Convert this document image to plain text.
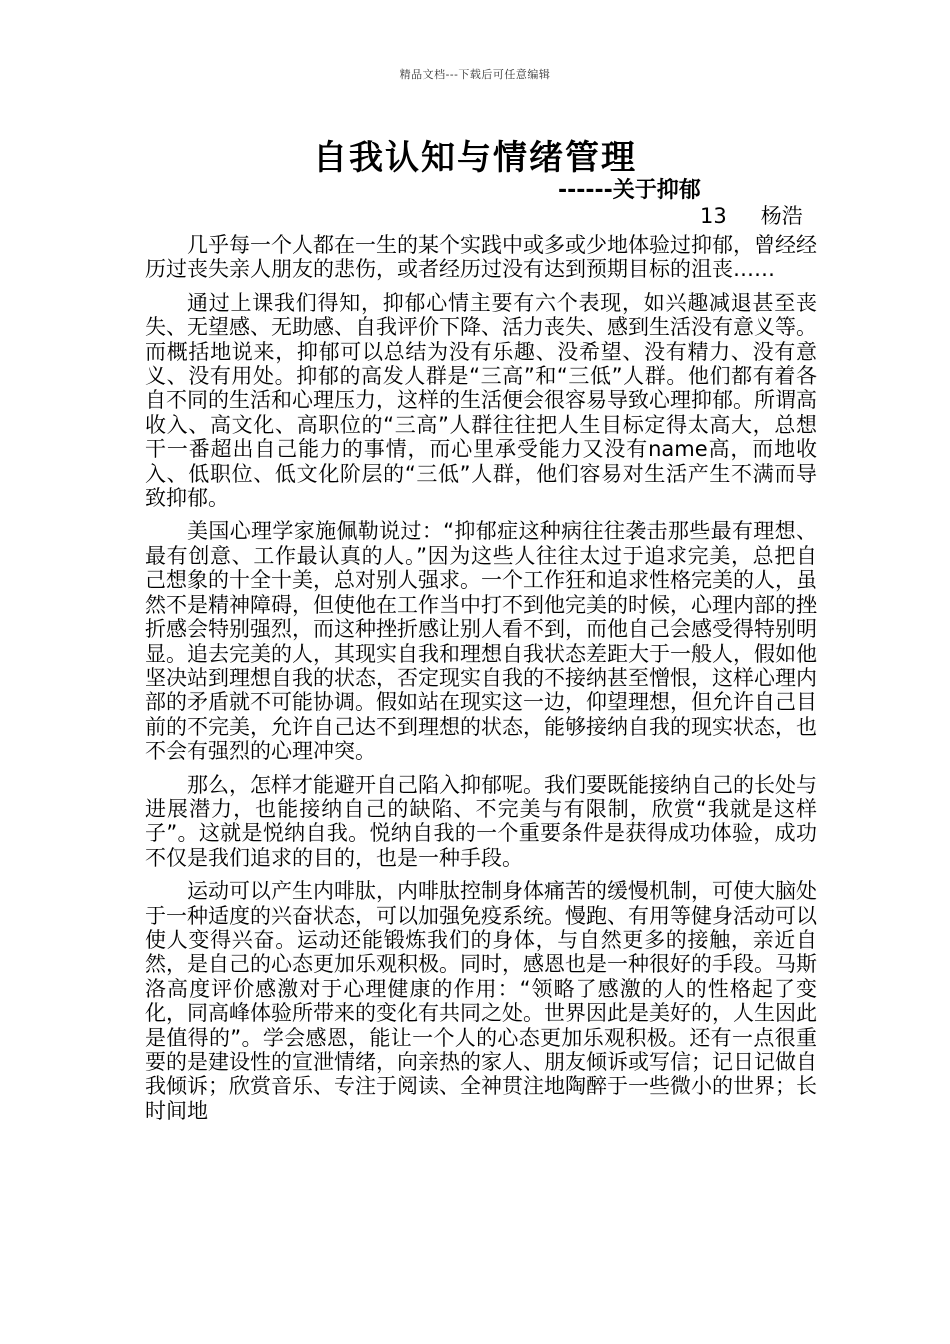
精品文档---下载后可任意编辑
自我认知与情绪管理
------关于抑郁
13 杨浩

几乎每一个人都在一生的某个实践中或多或少地体验过抑郁，曾经经历过丧失亲人朋友的悲伤，或者经历过没有达到预期目标的沮丧……

通过上课我们得知，抑郁心情主要有六个表现，如兴趣减退甚至丧失、无望感、无助感、自我评价下降、活力丧失、感到生活没有意义等。而概括地说来，抑郁可以总结为没有乐趣、没希望、没有精力、没有意义、没有用处。抑郁的高发人群是“三高”和“三低”人群。他们都有着各自不同的生活和心理压力，这样的生活便会很容易导致心理抑郁。所谓高收入、高文化、高职位的“三高”人群往往把人生目标定得太高大，总想干一番超出自己能力的事情，而心里承受能力又没有name高，而地收入、低职位、低文化阶层的“三低”人群，他们容易对生活产生不满而导致抑郁。

美国心理学家施佩勒说过：“抑郁症这种病往往袭击那些最有理想、最有创意、工作最认真的人。”因为这些人往往太过于追求完美，总把自己想象的十全十美，总对别人强求。一个工作狂和追求性格完美的人，虽然不是精神障碍，但使他在工作当中打不到他完美的时候，心理内部的挫折感会特别强烈，而这种挫折感让别人看不到，而他自己会感受得特别明显。追去完美的人，其现实自我和理想自我状态差距大于一般人，假如他坚决站到理想自我的状态，否定现实自我的不接纳甚至憎恨，这样心理内部的矛盾就不可能协调。假如站在现实这一边，仰望理想，但允许自己目前的不完美，允许自己达不到理想的状态，能够接纳自我的现实状态，也不会有强烈的心理冲突。

那么，怎样才能避开自己陷入抑郁呢。我们要既能接纳自己的长处与进展潜力，也能接纳自己的缺陷、不完美与有限制，欣赏“我就是这样子”。这就是悦纳自我。悦纳自我的一个重要条件是获得成功体验，成功不仅是我们追求的目的，也是一种手段。

运动可以产生内啡肽，内啡肽控制身体痛苦的缓慢机制，可使大脑处于一种适度的兴奋状态，可以加强免疫系统。慢跑、有用等健身活动可以使人变得兴奋。运动还能锻炼我们的身体，与自然更多的接触，亲近自然，是自己的心态更加乐观积极。同时，感恩也是一种很好的手段。马斯洛高度评价感激对于心理健康的作用：“领略了感激的人的性格起了变化，同高峰体验所带来的变化有共同之处。世界因此是美好的，人生因此是值得的”。学会感恩，能让一个人的心态更加乐观积极。还有一点很重要的是建设性的宣泄情绪，向亲热的家人、朋友倾诉或写信；记日记做自我倾诉；欣赏音乐、专注于阅读、全神贯注地陶醉于一些微小的世界；长时间地
